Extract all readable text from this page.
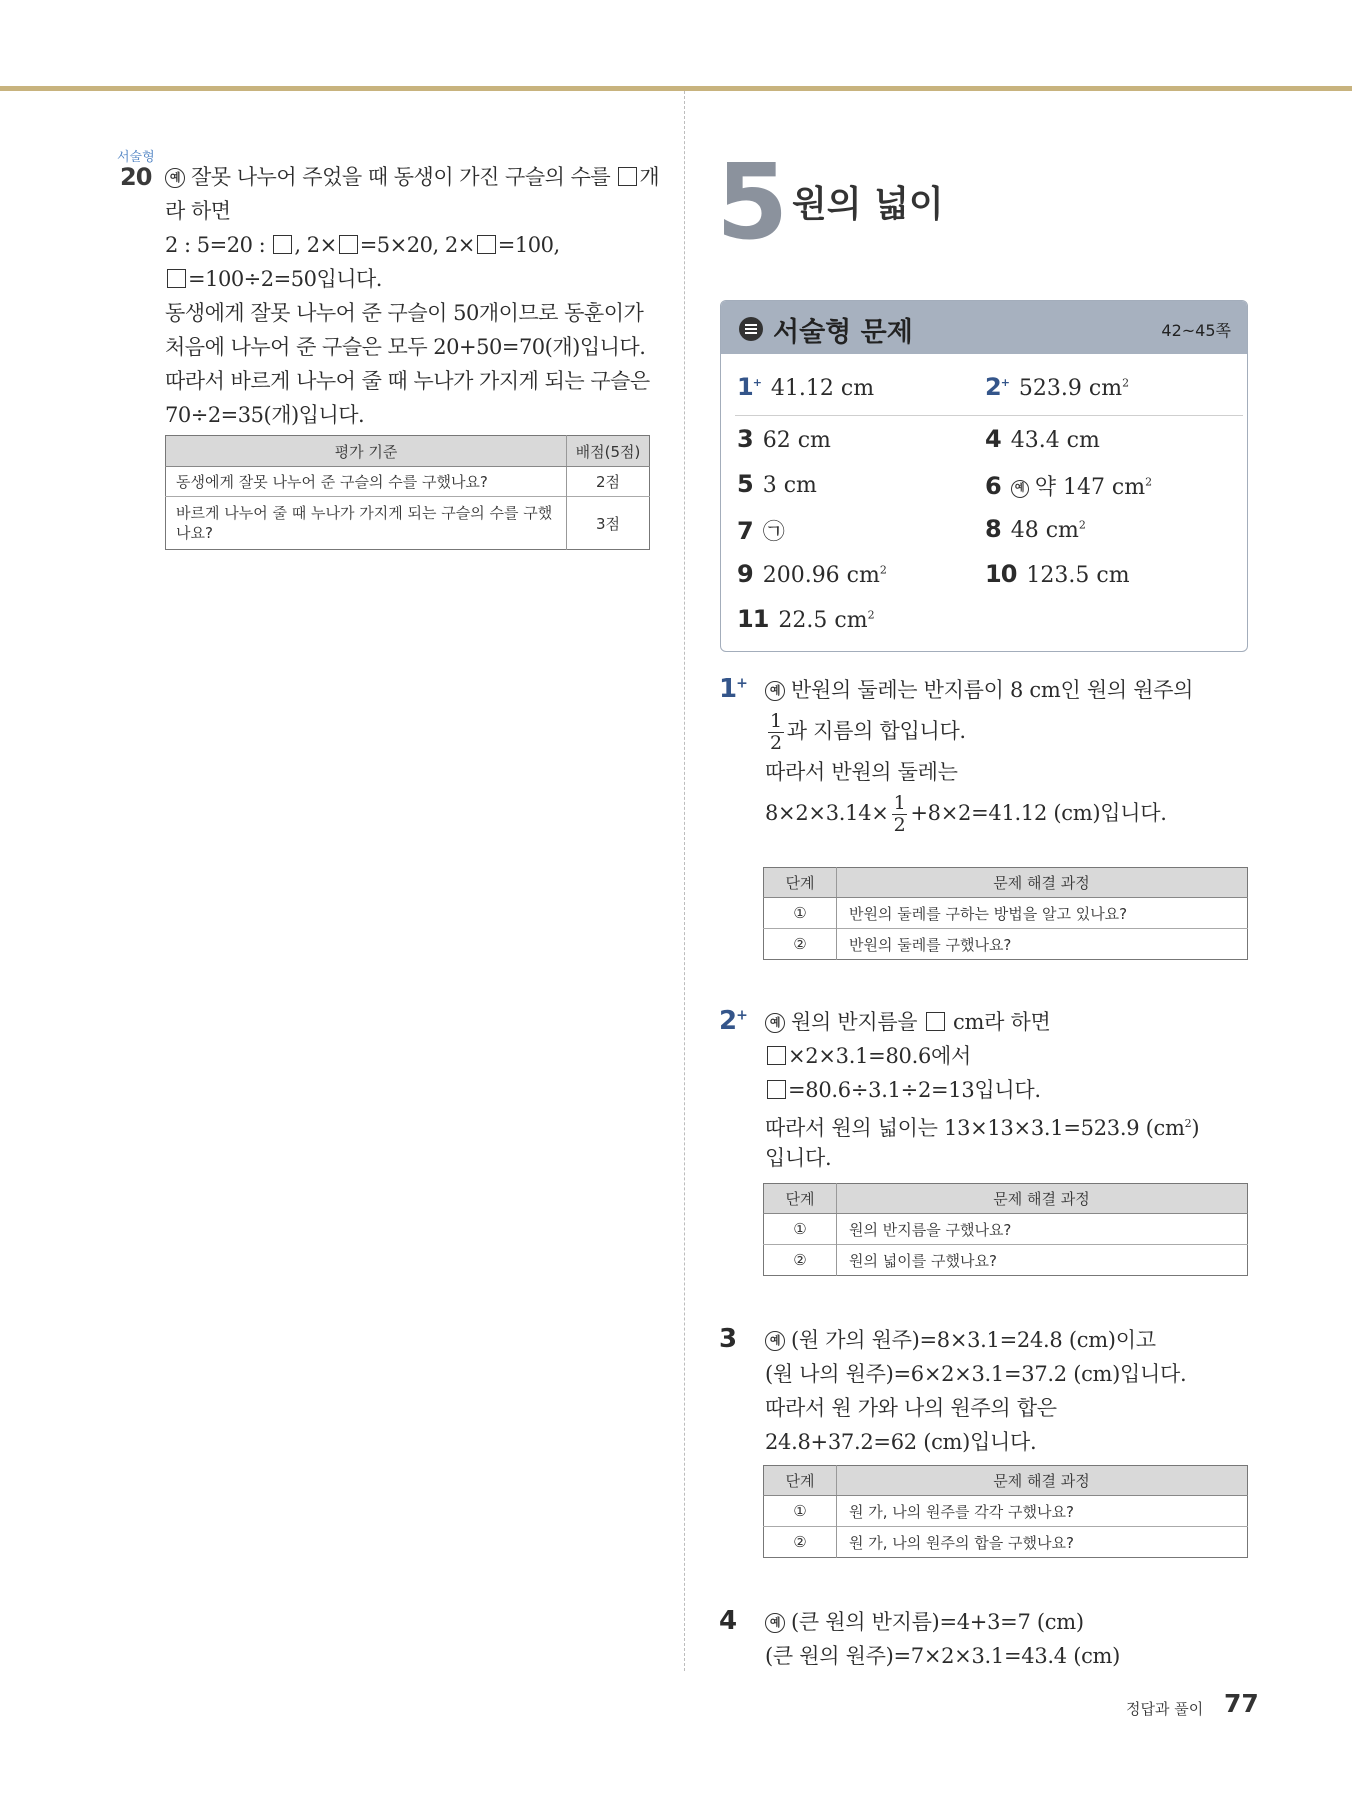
서술형
20	예 잘못 나누어 주었을 때 동생이 가진 구슬의 수를 개
라 하면
2 : 5=20 : , 2× =5×20, 2× =100,
=100÷2=50입니다.
동생에게 잘못 나누어 준 구슬이 50개이므로 동훈이가
처음에 나누어 준 구슬은 모두 20+50=70(개)입니다.
따라서 바르게 나누어 줄 때 누나가 가지게 되는 구슬은
70÷2=35(개)입니다.
평가 기준	배점(5점)
동생에게 잘못 나누어 준 구슬의 수를 구했나요?	2점
바르게 나누어 줄 때 누나가 가지게 되는 구슬의 수를 구했나요?	3점
5 원의 넓이
서술형 문제	42~45쪽
1+ 41.12 cm	2+ 523.9 $cm^2$
3 62 cm	4 43.4 cm
5 3 cm	6 예 약 147 $cm^2$
7 ㉠	8 48 $cm^2$
9 200.96 $cm^2$	10 123.5 cm
11 22.5 $cm^2$
1+	예 반원의 둘레는 반지름이 8 cm인 원의 원주의
$\frac{1}{2}$ 과 지름의 합입니다.
따라서 반원의 둘레는
$8\times 2\times 3.14\times \frac{1}{2} +8\times 2=41.12$ (cm)입니다.
단계	문제 해결 과정
①	반원의 둘레를 구하는 방법을 알고 있나요?
②	반원의 둘레를 구했나요?
2+	예 원의 반지름을  cm라 하면
×2×3.1=80.6에서
=80.6÷3.1÷2=13입니다.
따라서 원의 넓이는 13×13×3.1=523.9 $(cm^2)$
입니다.
단계	문제 해결 과정
①	원의 반지름을 구했나요?
②	원의 넓이를 구했나요?
3	예 (원 가의 원주)=8×3.1=24.8 (cm)이고
(원 나의 원주)=6×2×3.1=37.2 (cm)입니다.
따라서 원 가와 나의 원주의 합은
24.8+37.2=62 (cm)입니다.
단계	문제 해결 과정
①	원 가, 나의 원주를 각각 구했나요?
②	원 가, 나의 원주의 합을 구했나요?
4	예 (큰 원의 반지름)=4+3=7 (cm)
(큰 원의 원주)=7×2×3.1=43.4 (cm)
정답과 풀이 77
